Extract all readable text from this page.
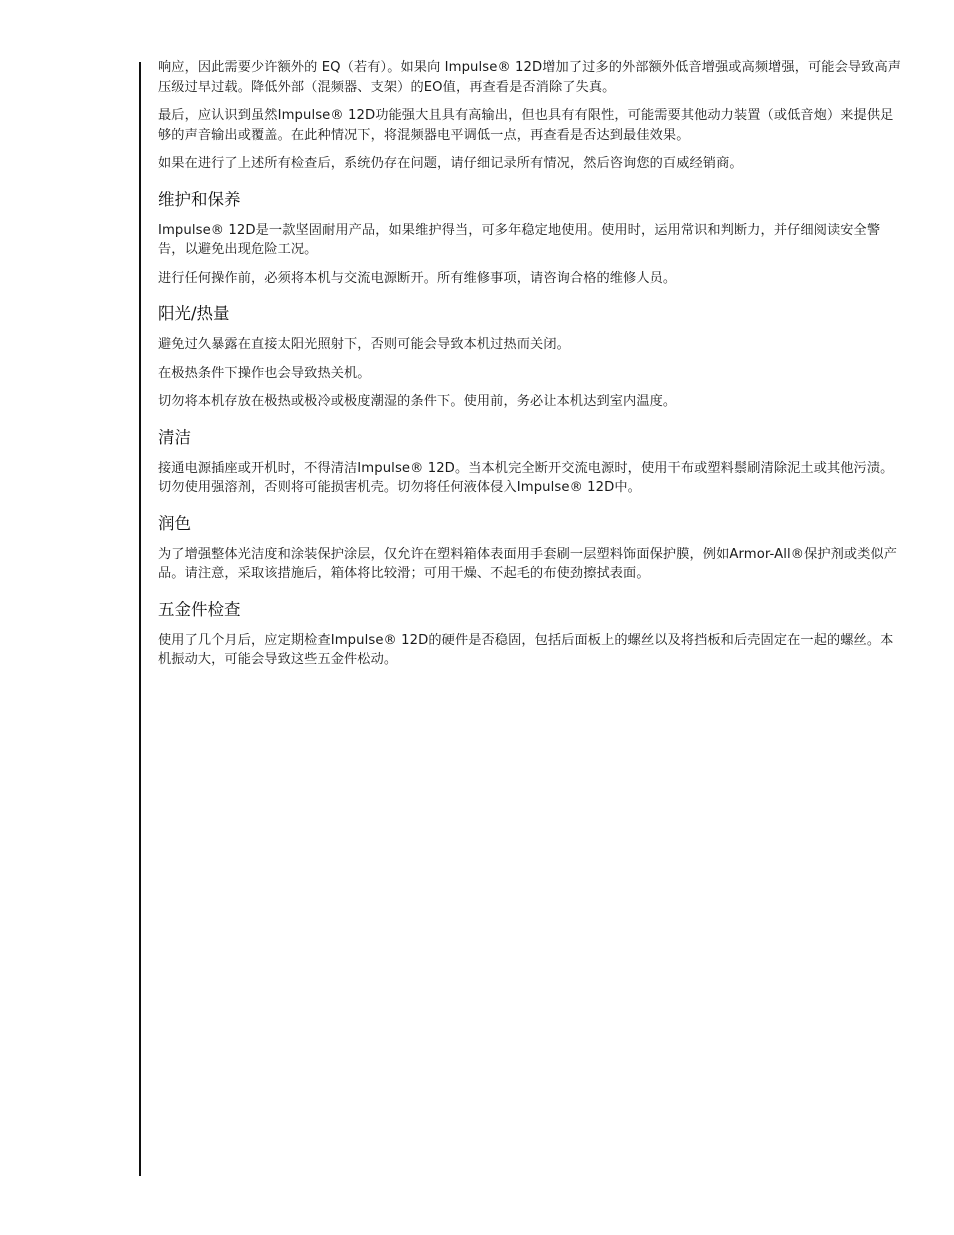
响应，因此需要少许额外的 EQ（若有）。如果向 Impulse® 12D增加了过多的外部额外低音增强或高频增强，可能会导致高声压级过早过载。降低外部（混频器、支架）的EO值，再查看是否消除了失真。

最后，应认识到虽然Impulse® 12D功能强大且具有高输出，但也具有有限性，可能需要其他动力装置（或低音炮）来提供足够的声音输出或覆盖。在此种情况下，将混频器电平调低一点，再查看是否达到最佳效果。

如果在进行了上述所有检查后，系统仍存在问题，请仔细记录所有情况，然后咨询您的百威经销商。

维护和保养

Impulse® 12D是一款坚固耐用产品，如果维护得当，可多年稳定地使用。使用时，运用常识和判断力，并仔细阅读安全警告，以避免出现危险工况。

进行任何操作前，必须将本机与交流电源断开。所有维修事项，请咨询合格的维修人员。

阳光/热量

避免过久暴露在直接太阳光照射下，否则可能会导致本机过热而关闭。

在极热条件下操作也会导致热关机。

切勿将本机存放在极热或极冷或极度潮湿的条件下。使用前，务必让本机达到室内温度。

清洁

接通电源插座或开机时，不得清洁Impulse® 12D。当本机完全断开交流电源时，使用干布或塑料鬃刷清除泥土或其他污渍。切勿使用强溶剂，否则将可能损害机壳。切勿将任何液体侵入Impulse® 12D中。

润色

为了增强整体光洁度和涂装保护涂层，仅允许在塑料箱体表面用手套刷一层塑料饰面保护膜，例如Armor-All®保护剂或类似产品。请注意，采取该措施后，箱体将比较滑；可用干燥、不起毛的布使劲擦拭表面。

五金件检查

使用了几个月后，应定期检查Impulse® 12D的硬件是否稳固，包括后面板上的螺丝以及将挡板和后壳固定在一起的螺丝。本机振动大，可能会导致这些五金件松动。
